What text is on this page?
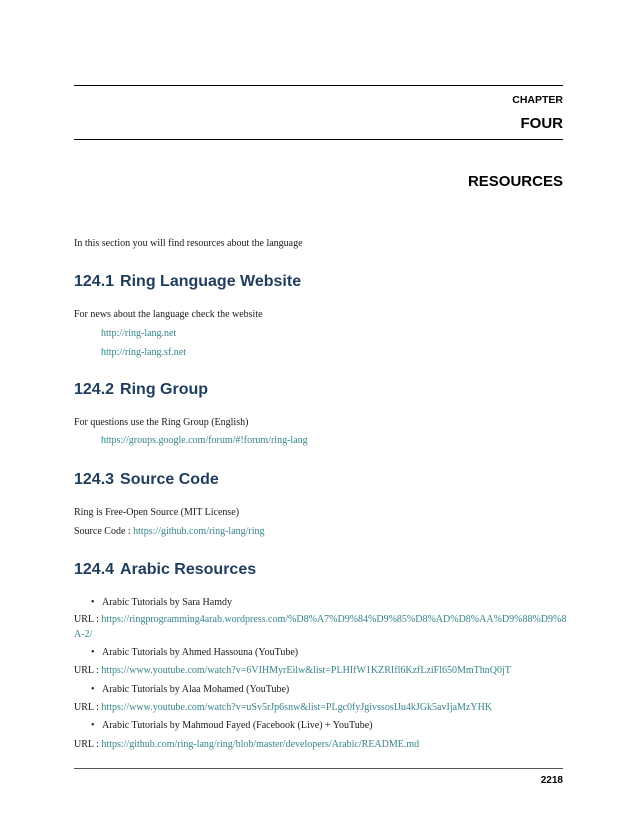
CHAPTER
FOUR
RESOURCES
In this section you will find resources about the language
124.1 Ring Language Website
For news about the language check the website
http://ring-lang.net
http://ring-lang.sf.net
124.2 Ring Group
For questions use the Ring Group (English)
https://groups.google.com/forum/#!forum/ring-lang
124.3 Source Code
Ring is Free-Open Source (MIT License)
Source Code : https://github.com/ring-lang/ring
124.4 Arabic Resources
• Arabic Tutorials by Sara Hamdy
URL : https://ringprogramming4arab.wordpress.com/%D8%A7%D9%84%D9%85%D8%AD%D8%AA%D9%88%D9%8A-2/
• Arabic Tutorials by Ahmed Hassouna (YouTube)
URL : https://www.youtube.com/watch?v=6VIHMyrEilw&list=PLHIfW1KZRIfl6KzfLziFl650MmThnQ0jT
• Arabic Tutorials by Alaa Mohamed (YouTube)
URL : https://www.youtube.com/watch?v=uSv5rJp6snw&list=PLgc0fyJgivssosIJu4kJGk5avIjaMzYHK
• Arabic Tutorials by Mahmoud Fayed (Facebook (Live) + YouTube)
URL : https://github.com/ring-lang/ring/blob/master/developers/Arabic/README.md
2218
